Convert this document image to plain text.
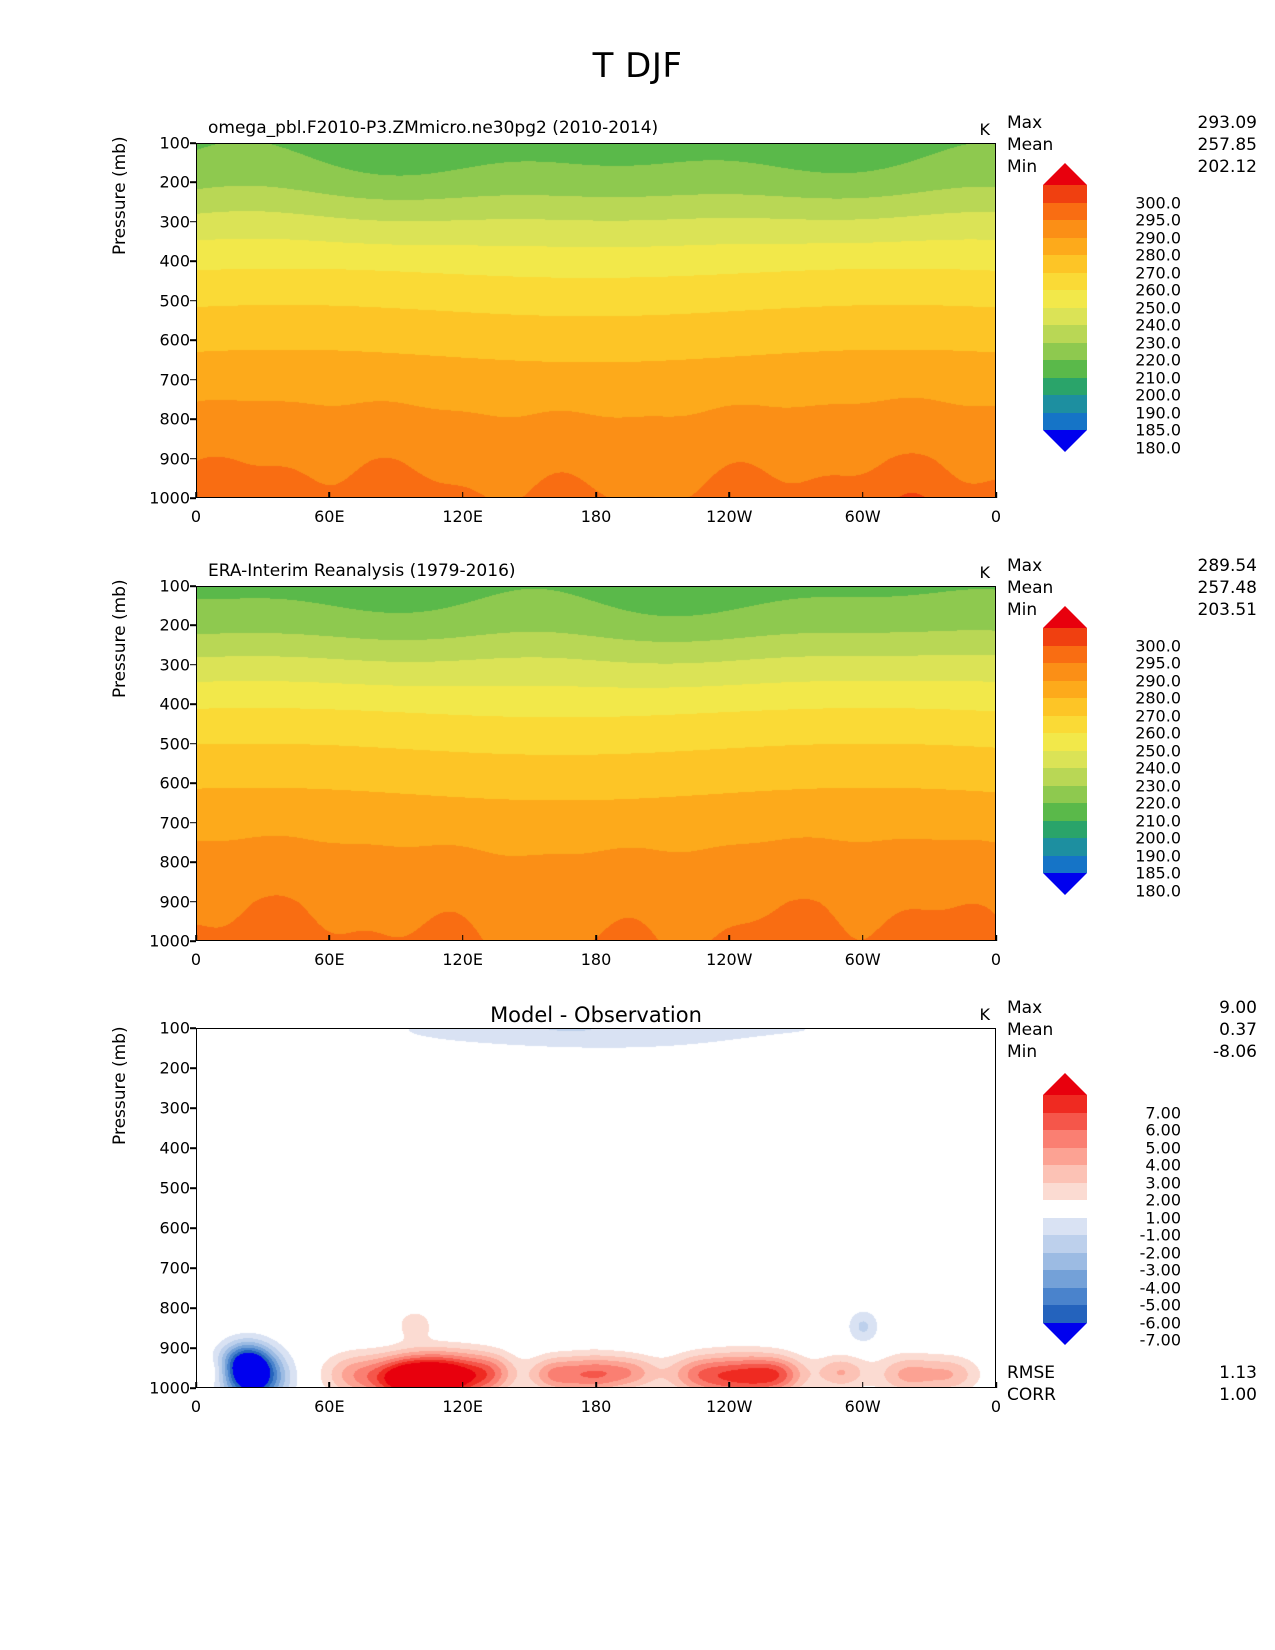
T DJF
omega_pbl.F2010-P3.ZMmicro.ne30pg2 (2010-2014)	K Max	293.09
Mean	257.85
Min	202.12
Pressure (mb)	100
200
300
400
500
600
700
800
900
1000
0	60E	120E	180	120W	60W	0
300.0
295.0
290.0
280.0
270.0
260.0
250.0
240.0
230.0
220.0
210.0
200.0
190.0
185.0
180.0
ERA-Interim Reanalysis (1979-2016)	K Max	289.54
Mean	257.48
Min	203.51
Pressure (mb)	100
200
300
400
500
600
700
800
900
1000
0	60E	120E	180	120W	60W	0
300.0
295.0
290.0
280.0
270.0
260.0
250.0
240.0
230.0
220.0
210.0
200.0
190.0
185.0
180.0
Model - Observation	K Max	9.00
Mean	0.37
Min	-8.06
Pressure (mb)	100
200
300
400
500
600
700
800
900
1000
0	60E	120E	180	120W	60W	0
7.00
6.00
5.00
4.00
3.00
2.00
1.00
-1.00
-2.00
-3.00
-4.00
-5.00
-6.00
-7.00
RMSE	1.13
CORR	1.00
